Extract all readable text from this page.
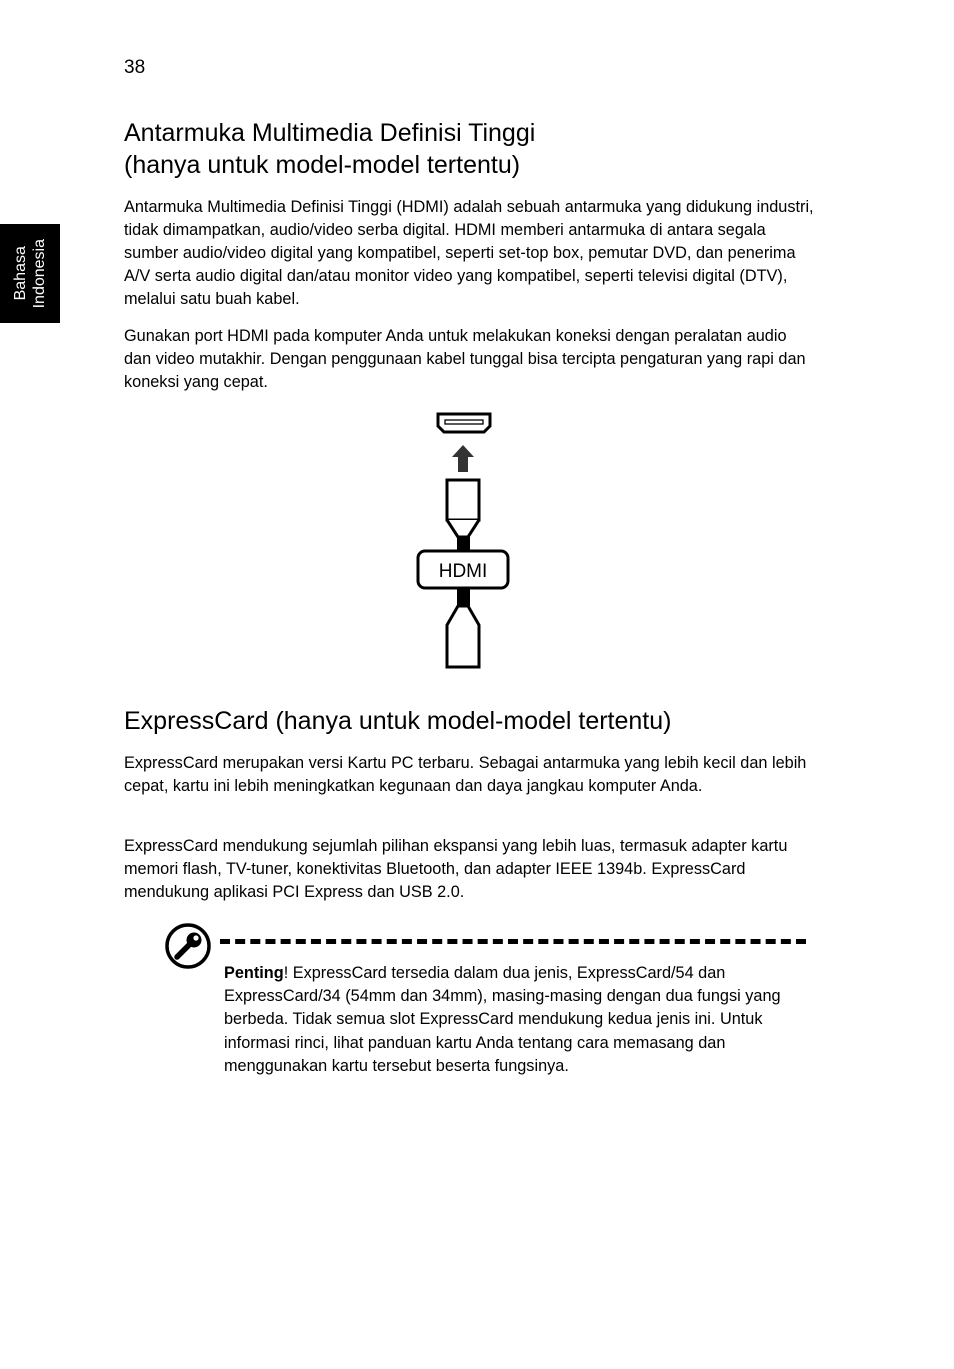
38
Bahasa Indonesia
Antarmuka Multimedia Definisi Tinggi
(hanya untuk model-model tertentu)

Antarmuka Multimedia Definisi Tinggi (HDMI) adalah sebuah antarmuka yang didukung industri, tidak dimampatkan, audio/video serba digital. HDMI memberi antarmuka di antara segala sumber audio/video digital yang kompatibel, seperti set-top box, pemutar DVD, dan penerima A/V serta audio digital dan/atau monitor video yang kompatibel, seperti televisi digital (DTV), melalui satu buah kabel.

Gunakan port HDMI pada komputer Anda untuk melakukan koneksi dengan peralatan audio dan video mutakhir. Dengan penggunaan kabel tunggal bisa tercipta pengaturan yang rapi dan koneksi yang cepat.

HDMI
ExpressCard (hanya untuk model-model tertentu)

ExpressCard merupakan versi Kartu PC terbaru. Sebagai antarmuka yang lebih kecil dan lebih cepat, kartu ini lebih meningkatkan kegunaan dan daya jangkau komputer Anda.

ExpressCard mendukung sejumlah pilihan ekspansi yang lebih luas, termasuk adapter kartu memori flash, TV-tuner, konektivitas Bluetooth, dan adapter IEEE 1394b. ExpressCard mendukung aplikasi PCI Express dan USB 2.0.

Penting! ExpressCard tersedia dalam dua jenis, ExpressCard/54 dan ExpressCard/34 (54mm dan 34mm), masing-masing dengan dua fungsi yang berbeda. Tidak semua slot ExpressCard mendukung kedua jenis ini. Untuk informasi rinci, lihat panduan kartu Anda tentang cara memasang dan menggunakan kartu tersebut beserta fungsinya.
